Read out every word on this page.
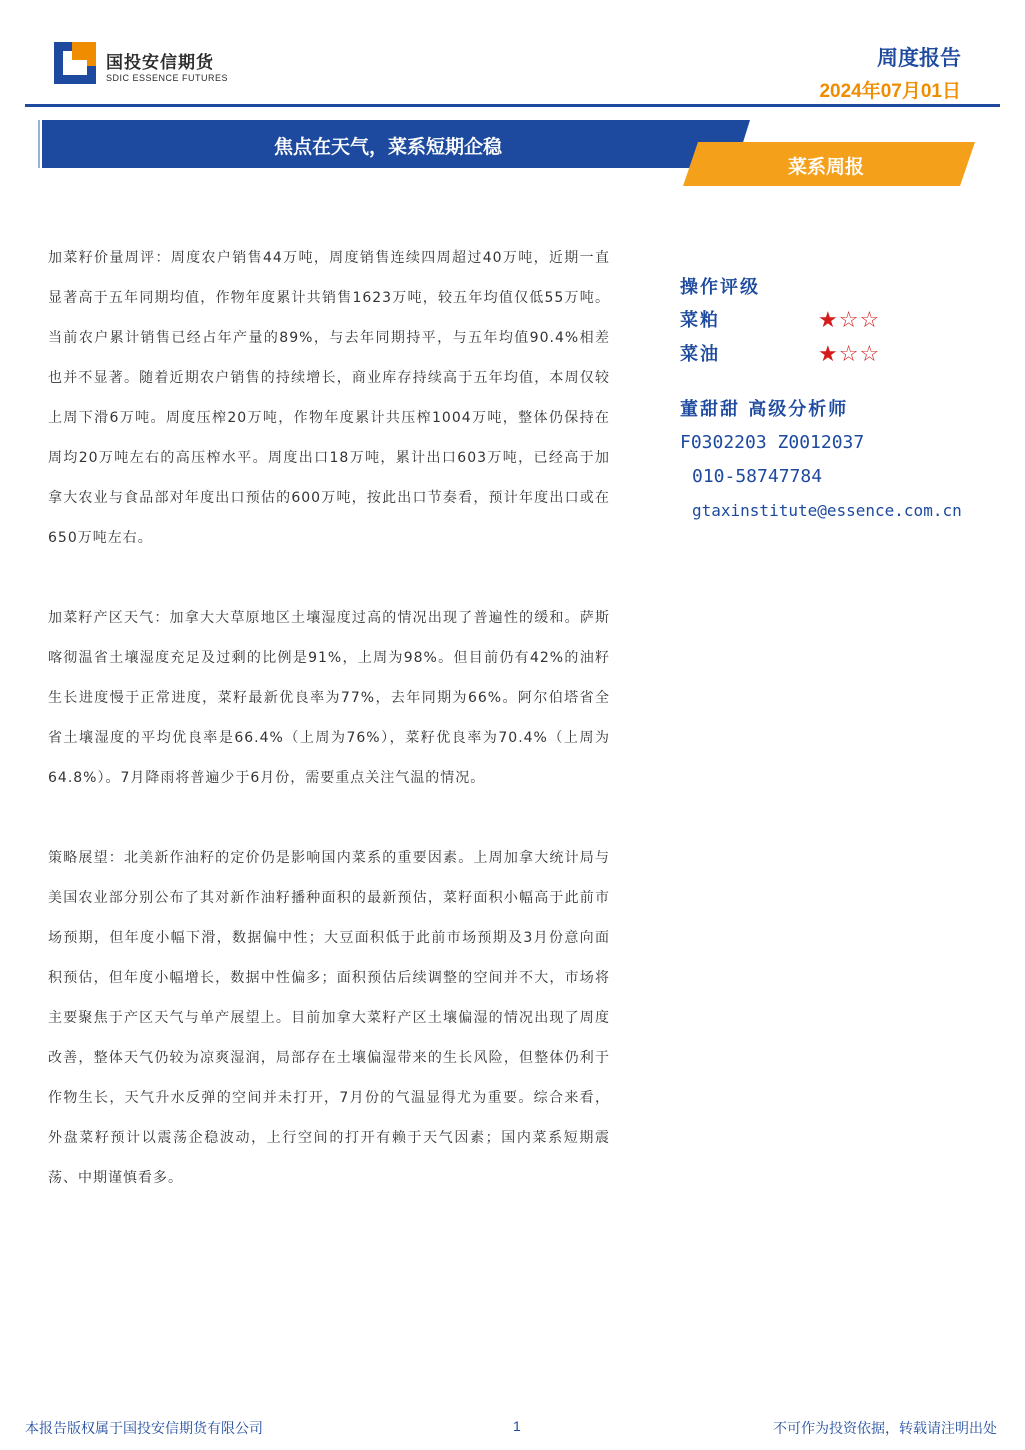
国投安信期货
SDIC ESSENCE FUTURES
周度报告
2024年07月01日
焦点在天气，菜系短期企稳
菜系周报

加菜籽价量周评：周度农户销售44万吨，周度销售连续四周超过40万吨，近期一直显著高于五年同期均值，作物年度累计共销售1623万吨，较五年均值仅低55万吨。当前农户累计销售已经占年产量的89%，与去年同期持平，与五年均值90.4%相差也并不显著。随着近期农户销售的持续增长，商业库存持续高于五年均值，本周仅较上周下滑6万吨。周度压榨20万吨，作物年度累计共压榨1004万吨，整体仍保持在周均20万吨左右的高压榨水平。周度出口18万吨，累计出口603万吨，已经高于加拿大农业与食品部对年度出口预估的600万吨，按此出口节奏看，预计年度出口或在650万吨左右。

加菜籽产区天气：加拿大大草原地区土壤湿度过高的情况出现了普遍性的缓和。萨斯喀彻温省土壤湿度充足及过剩的比例是91%，上周为98%。但目前仍有42%的油籽生长进度慢于正常进度，菜籽最新优良率为77%，去年同期为66%。阿尔伯塔省全省土壤湿度的平均优良率是66.4%（上周为76%），菜籽优良率为70.4%（上周为64.8%）。7月降雨将普遍少于6月份，需要重点关注气温的情况。

策略展望：北美新作油籽的定价仍是影响国内菜系的重要因素。上周加拿大统计局与美国农业部分别公布了其对新作油籽播种面积的最新预估，菜籽面积小幅高于此前市场预期，但年度小幅下滑，数据偏中性；大豆面积低于此前市场预期及3月份意向面积预估，但年度小幅增长，数据中性偏多；面积预估后续调整的空间并不大，市场将主要聚焦于产区天气与单产展望上。目前加拿大菜籽产区土壤偏湿的情况出现了周度改善，整体天气仍较为凉爽湿润，局部存在土壤偏湿带来的生长风险，但整体仍利于作物生长，天气升水反弹的空间并未打开，7月份的气温显得尤为重要。综合来看，外盘菜籽预计以震荡企稳波动，上行空间的打开有赖于天气因素；国内菜系短期震荡、中期谨慎看多。

操作评级
菜粕	★☆☆
菜油	★☆☆
董甜甜 高级分析师
F0302203 Z0012037
010-58747784
gtaxinstitute@essence.com.cn
本报告版权属于国投安信期货有限公司	1	不可作为投资依据，转载请注明出处
